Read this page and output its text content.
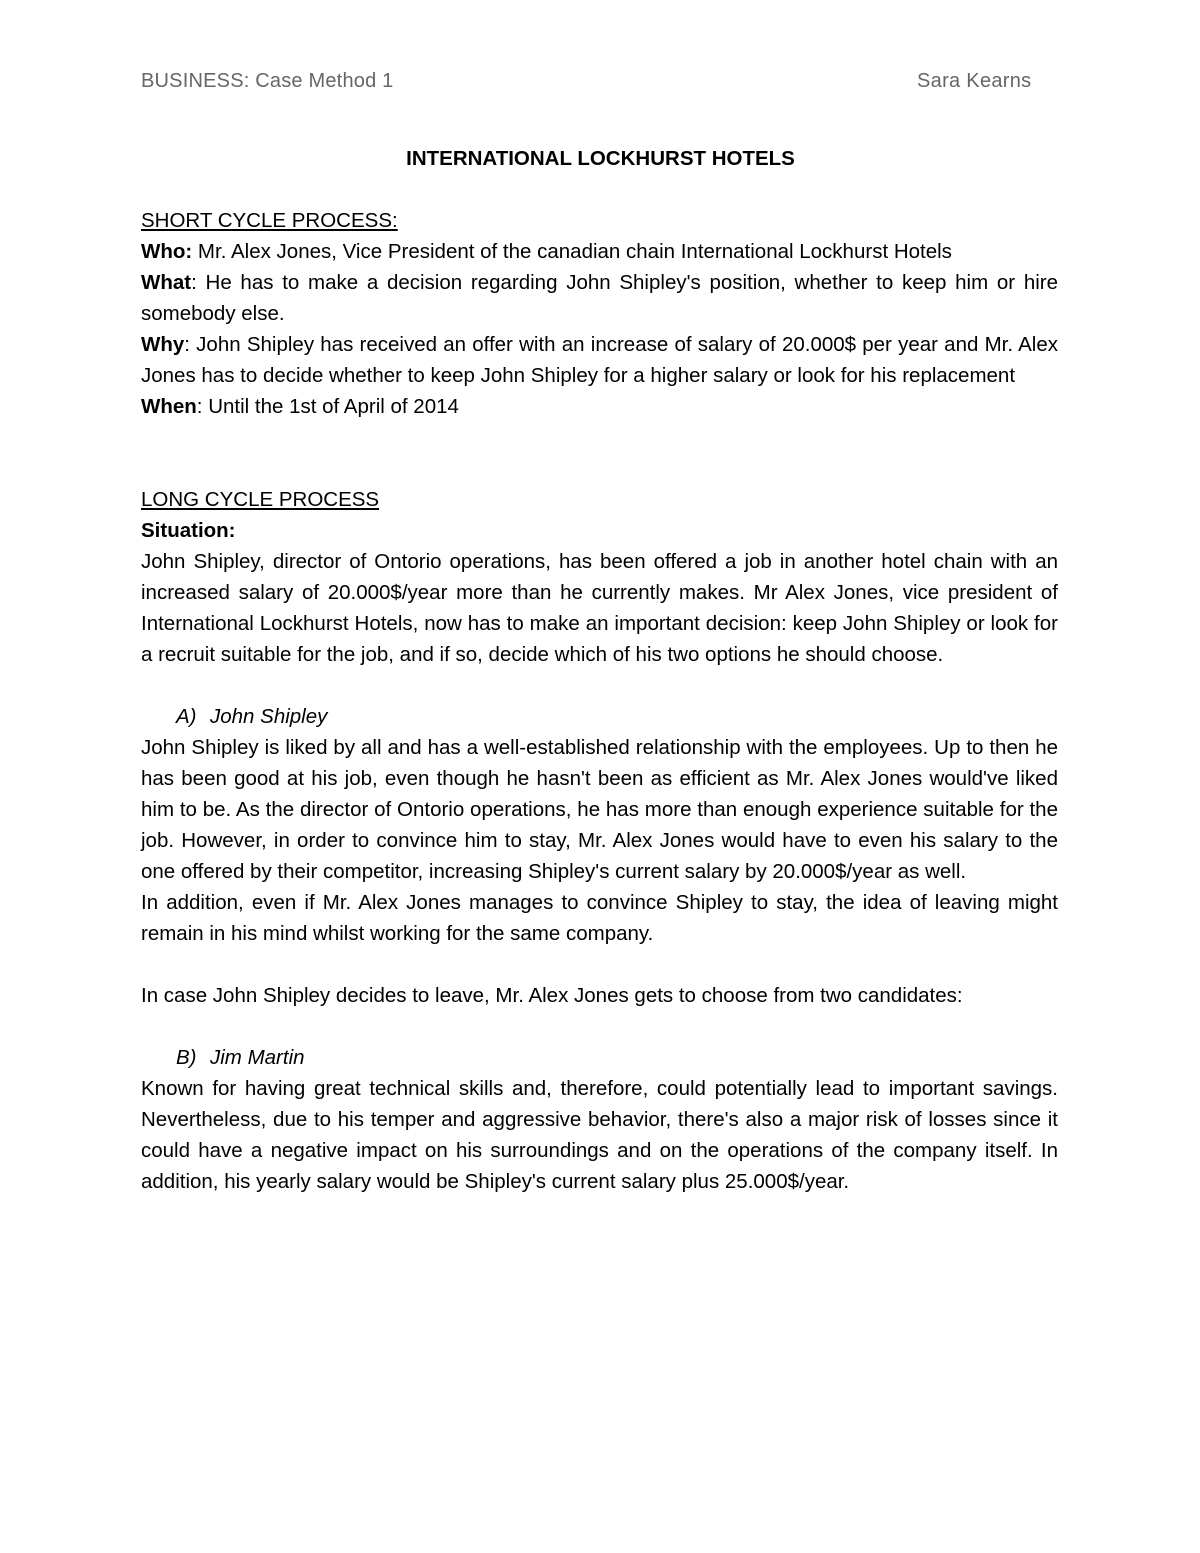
BUSINESS: Case Method 1	Sara Kearns
INTERNATIONAL LOCKHURST HOTELS

SHORT CYCLE PROCESS:

Who: Mr. Alex Jones, Vice President of the canadian chain International Lockhurst Hotels

What: He has to make a decision regarding John Shipley's position, whether to keep him or hire somebody else.

Why: John Shipley has received an offer with an increase of salary of 20.000$ per year and Mr. Alex Jones has to decide whether to keep John Shipley for a higher salary or look for his replacement

When: Until the 1st of April of 2014

LONG CYCLE PROCESS

Situation:

John Shipley, director of Ontorio operations, has been offered a job in another hotel chain with an increased salary of 20.000$/year more than he currently makes. Mr Alex Jones, vice president of International Lockhurst Hotels, now has to make an important decision: keep John Shipley or look for a recruit suitable for the job, and if so, decide which of his two options he should choose.

A) John Shipley

John Shipley is liked by all and has a well-established relationship with the employees. Up to then he has been good at his job, even though he hasn't been as efficient as Mr. Alex Jones would've liked him to be. As the director of Ontorio operations, he has more than enough experience suitable for the job. However, in order to convince him to stay, Mr. Alex Jones would have to even his salary to the one offered by their competitor, increasing Shipley's current salary by 20.000$/year as well.

In addition, even if Mr. Alex Jones manages to convince Shipley to stay, the idea of leaving might remain in his mind whilst working for the same company.

In case John Shipley decides to leave, Mr. Alex Jones gets to choose from two candidates:

B) Jim Martin

Known for having great technical skills and, therefore, could potentially lead to important savings. Nevertheless, due to his temper and aggressive behavior, there's also a major risk of losses since it could have a negative impact on his surroundings and on the operations of the company itself. In addition, his yearly salary would be Shipley's current salary plus 25.000$/year.
